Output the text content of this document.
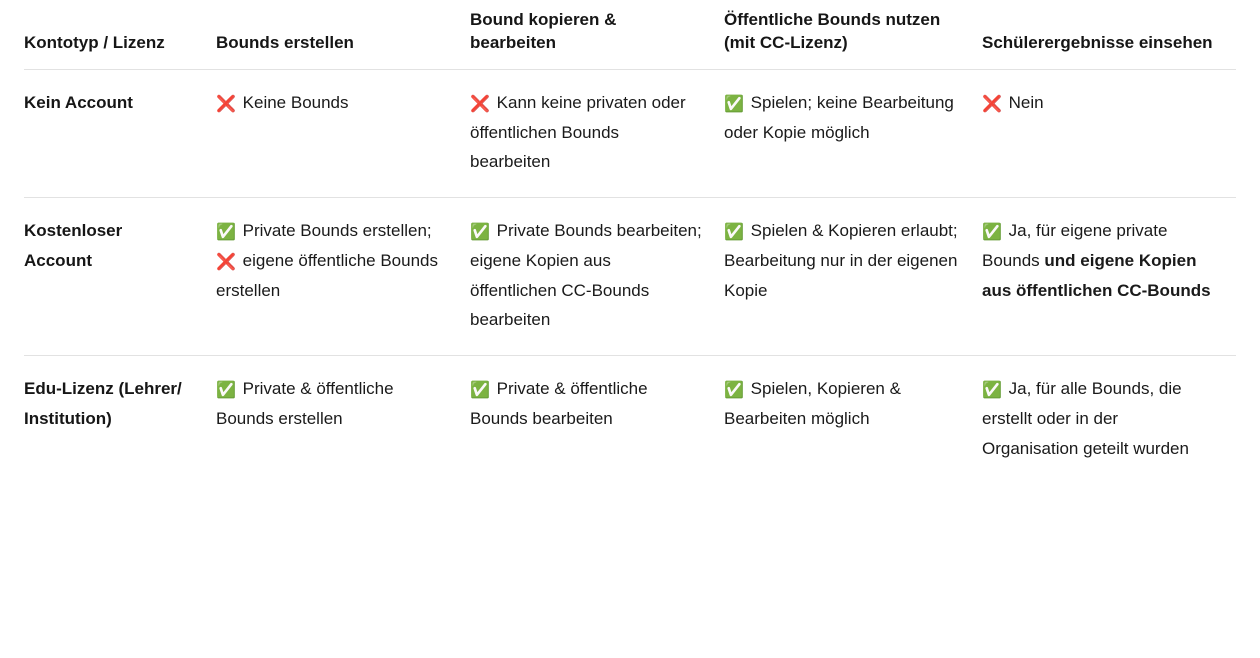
Kontotyp / Lizenz	Bounds erstellen	Bound kopieren & bearbeiten	Öffentliche Bounds nutzen (mit CC-Lizenz)	Schülerergebnisse einsehen
Kein Account	❌ Keine Bounds	❌ Kann keine privaten oder öffentlichen Bounds bearbeiten	✅ Spielen; keine Bearbeitung oder Kopie möglich	❌ Nein

Kostenloser Account	✅ Private Bounds erstellen; ❌ eigene öffentliche Bounds erstellen	✅ Private Bounds bearbeiten; eigene Kopien aus öffentlichen CC-Bounds bearbeiten	✅ Spielen & Kopieren erlaubt; Bearbeitung nur in der eigenen Kopie	✅ Ja, für eigene private Bounds und eigene Kopien aus öffentlichen CC-Bounds

Edu-Lizenz (Lehrer/ Institution)	✅ Private & öffentliche Bounds erstellen	✅ Private & öffentliche Bounds bearbeiten	✅ Spielen, Kopieren & Bearbeiten möglich	✅ Ja, für alle Bounds, die erstellt oder in der Organisation geteilt wurden
